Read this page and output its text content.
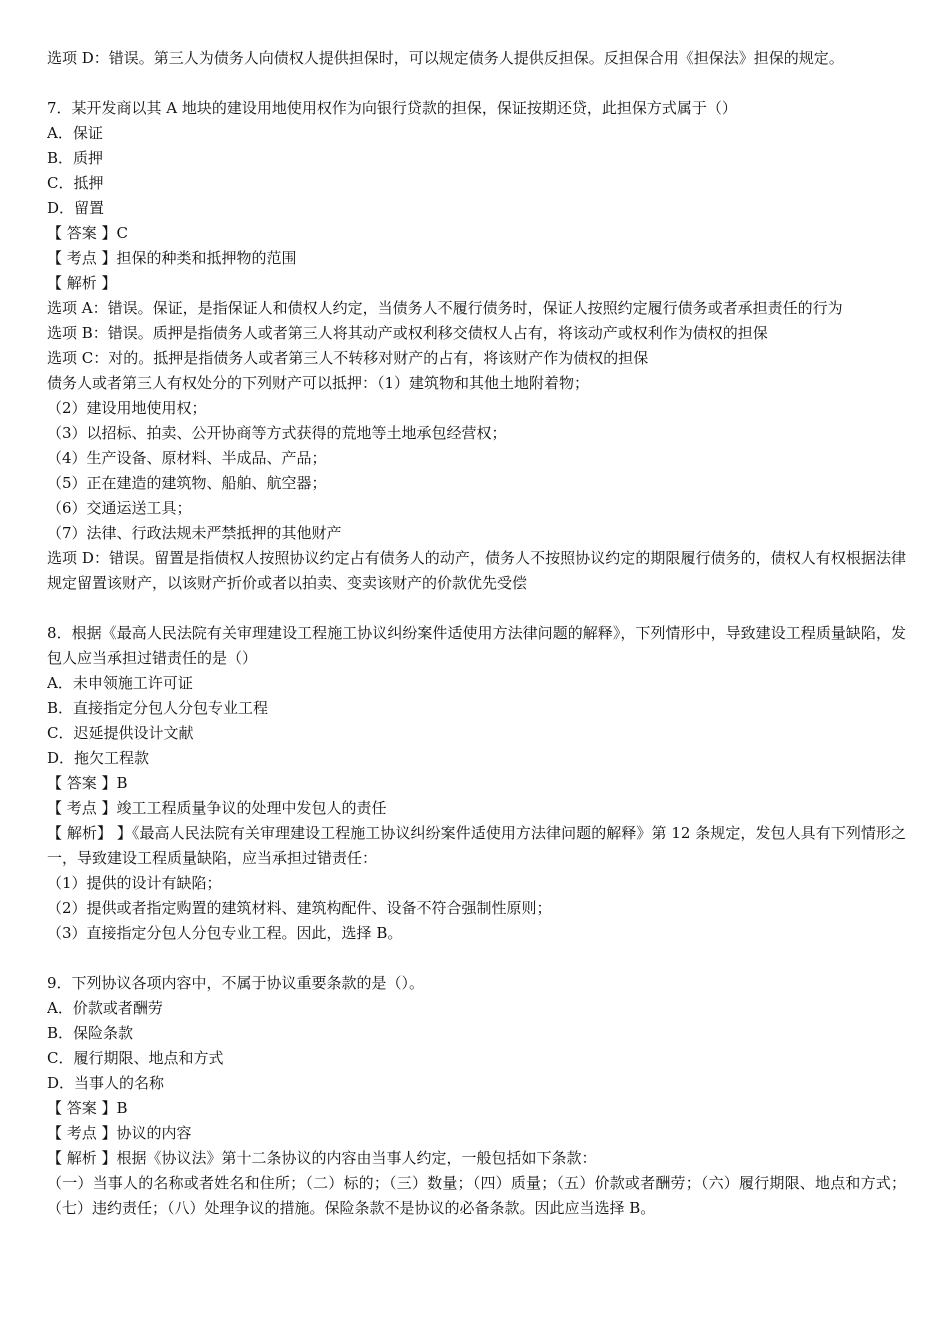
选项 D：错误。第三人为债务人向债权人提供担保时，可以规定债务人提供反担保。反担保合用《担保法》担保的规定。
7．某开发商以其 A 地块的建设用地使用权作为向银行贷款的担保，保证按期还贷，此担保方式属于（）
A．保证
B．质押
C．抵押
D．留置
【 答案 】C
【 考点 】担保的种类和抵押物的范围
【 解析 】
选项 A：错误。保证，是指保证人和债权人约定，当债务人不履行债务时，保证人按照约定履行债务或者承担责任的行为
选项 B：错误。质押是指债务人或者第三人将其动产或权利移交债权人占有，将该动产或权利作为债权的担保
选项 C：对的。抵押是指债务人或者第三人不转移对财产的占有，将该财产作为债权的担保
债务人或者第三人有权处分的下列财产可以抵押：（1）建筑物和其他土地附着物；
（2）建设用地使用权；
（3）以招标、拍卖、公开协商等方式获得的荒地等土地承包经营权；
（4）生产设备、原材料、半成品、产品；
（5）正在建造的建筑物、船舶、航空器；
（6）交通运送工具；
（7）法律、行政法规未严禁抵押的其他财产
选项 D：错误。留置是指债权人按照协议约定占有债务人的动产，债务人不按照协议约定的期限履行债务的，债权人有权根据法律规定留置该财产，以该财产折价或者以拍卖、变卖该财产的价款优先受偿
8．根据《最高人民法院有关审理建设工程施工协议纠纷案件适使用方法律问题的解释》，下列情形中，导致建设工程质量缺陷，发包人应当承担过错责任的是（）
A．未申领施工许可证
B．直接指定分包人分包专业工程
C．迟延提供设计文献
D．拖欠工程款
【 答案 】B
【 考点 】竣工工程质量争议的处理中发包人的责任
【 解析】 】《最高人民法院有关审理建设工程施工协议纠纷案件适使用方法律问题的解释》第 12 条规定，发包人具有下列情形之一，导致建设工程质量缺陷，应当承担过错责任：
（1）提供的设计有缺陷；
（2）提供或者指定购置的建筑材料、建筑构配件、设备不符合强制性原则；
（3）直接指定分包人分包专业工程。因此，选择 B。
9．下列协议各项内容中，不属于协议重要条款的是（）。
A．价款或者酬劳
B．保险条款
C．履行期限、地点和方式
D．当事人的名称
【 答案 】B
【 考点 】协议的内容
【 解析 】根据《协议法》第十二条协议的内容由当事人约定，一般包括如下条款：
（一）当事人的名称或者姓名和住所；（二）标的；（三）数量；（四）质量；（五）价款或者酬劳；（六）履行期限、地点和方式；（七）违约责任；（八）处理争议的措施。保险条款不是协议的必备条款。因此应当选择 B。
